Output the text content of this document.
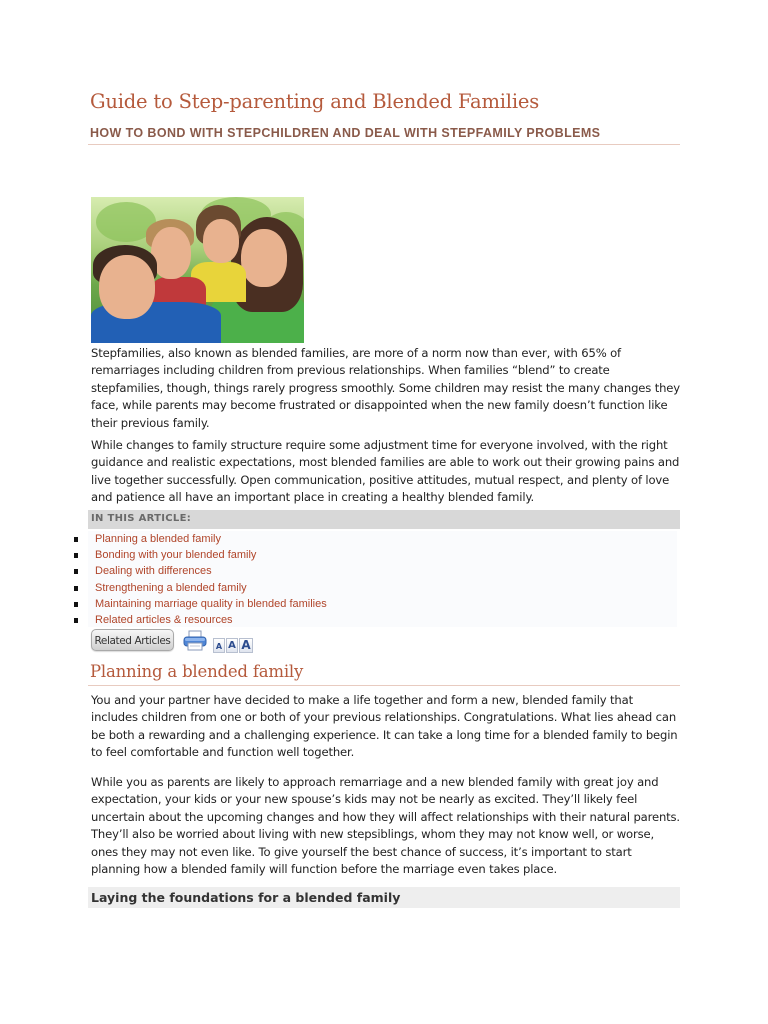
Guide to Step-parenting and Blended Families
HOW TO BOND WITH STEPCHILDREN AND DEAL WITH STEPFAMILY PROBLEMS

Stepfamilies, also known as blended families, are more of a norm now than ever, with 65% of remarriages including children from previous relationships. When families “blend” to create stepfamilies, though, things rarely progress smoothly. Some children may resist the many changes they face, while parents may become frustrated or disappointed when the new family doesn’t function like their previous family.

While changes to family structure require some adjustment time for everyone involved, with the right guidance and realistic expectations, most blended families are able to work out their growing pains and live together successfully. Open communication, positive attitudes, mutual respect, and plenty of love and patience all have an important place in creating a healthy blended family.

IN THIS ARTICLE:
Planning a blended family
Bonding with your blended family
Dealing with differences
Strengthening a blended family
Maintaining marriage quality in blended families
Related articles & resources
Related Articles	A A A
Planning a blended family

You and your partner have decided to make a life together and form a new, blended family that includes children from one or both of your previous relationships. Congratulations. What lies ahead can be both a rewarding and a challenging experience. It can take a long time for a blended family to begin to feel comfortable and function well together.

While you as parents are likely to approach remarriage and a new blended family with great joy and expectation, your kids or your new spouse’s kids may not be nearly as excited. They’ll likely feel uncertain about the upcoming changes and how they will affect relationships with their natural parents. They’ll also be worried about living with new stepsiblings, whom they may not know well, or worse, ones they may not even like. To give yourself the best chance of success, it’s important to start planning how a blended family will function before the marriage even takes place.

Laying the foundations for a blended family
